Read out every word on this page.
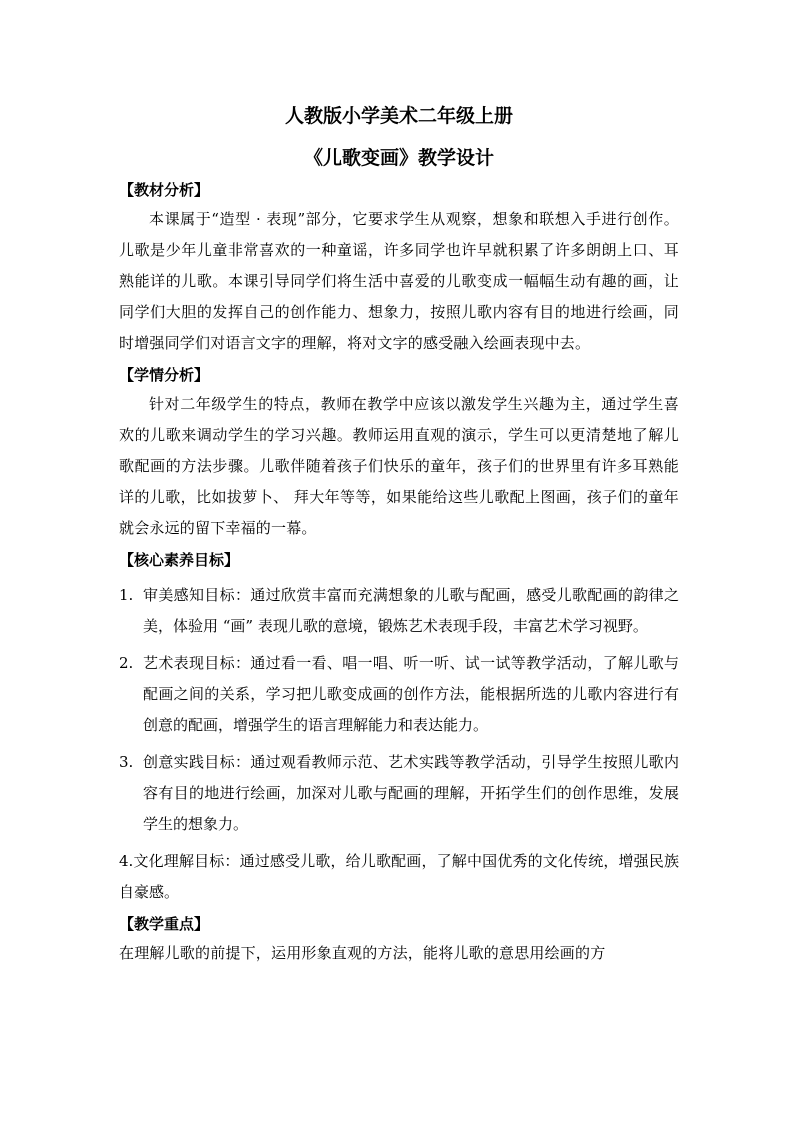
人教版小学美术二年级上册
《儿歌变画》教学设计
【教材分析】

本课属于“造型 · 表现”部分，它要求学生从观察，想象和联想入手进行创作。儿歌是少年儿童非常喜欢的一种童谣，许多同学也许早就积累了许多朗朗上口、耳熟能详的儿歌。本课引导同学们将生活中喜爱的儿歌变成一幅幅生动有趣的画，让同学们大胆的发挥自己的创作能力、想象力，按照儿歌内容有目的地进行绘画，同时增强同学们对语言文字的理解，将对文字的感受融入绘画表现中去。

【学情分析】

针对二年级学生的特点，教师在教学中应该以激发学生兴趣为主，通过学生喜欢的儿歌来调动学生的学习兴趣。教师运用直观的演示，学生可以更清楚地了解儿歌配画的方法步骤。儿歌伴随着孩子们快乐的童年，孩子们的世界里有许多耳熟能详的儿歌，比如拔萝卜、 拜大年等等，如果能给这些儿歌配上图画，孩子们的童年就会永远的留下幸福的一幕。

【核心素养目标】
1. 审美感知目标：通过欣赏丰富而充满想象的儿歌与配画，感受儿歌配画的韵律之美，体验用 “画” 表现儿歌的意境，锻炼艺术表现手段，丰富艺术学习视野。
2. 艺术表现目标：通过看一看、唱一唱、听一听、试一试等教学活动，了解儿歌与配画之间的关系，学习把儿歌变成画的创作方法，能根据所选的儿歌内容进行有创意的配画，增强学生的语言理解能力和表达能力。
3. 创意实践目标：通过观看教师示范、艺术实践等教学活动，引导学生按照儿歌内容有目的地进行绘画，加深对儿歌与配画的理解，开拓学生们的创作思维，发展学生的想象力。
4.文化理解目标：通过感受儿歌，给儿歌配画，了解中国优秀的文化传统，增强民族自豪感。
【教学重点】

在理解儿歌的前提下，运用形象直观的方法，能将儿歌的意思用绘画的方
